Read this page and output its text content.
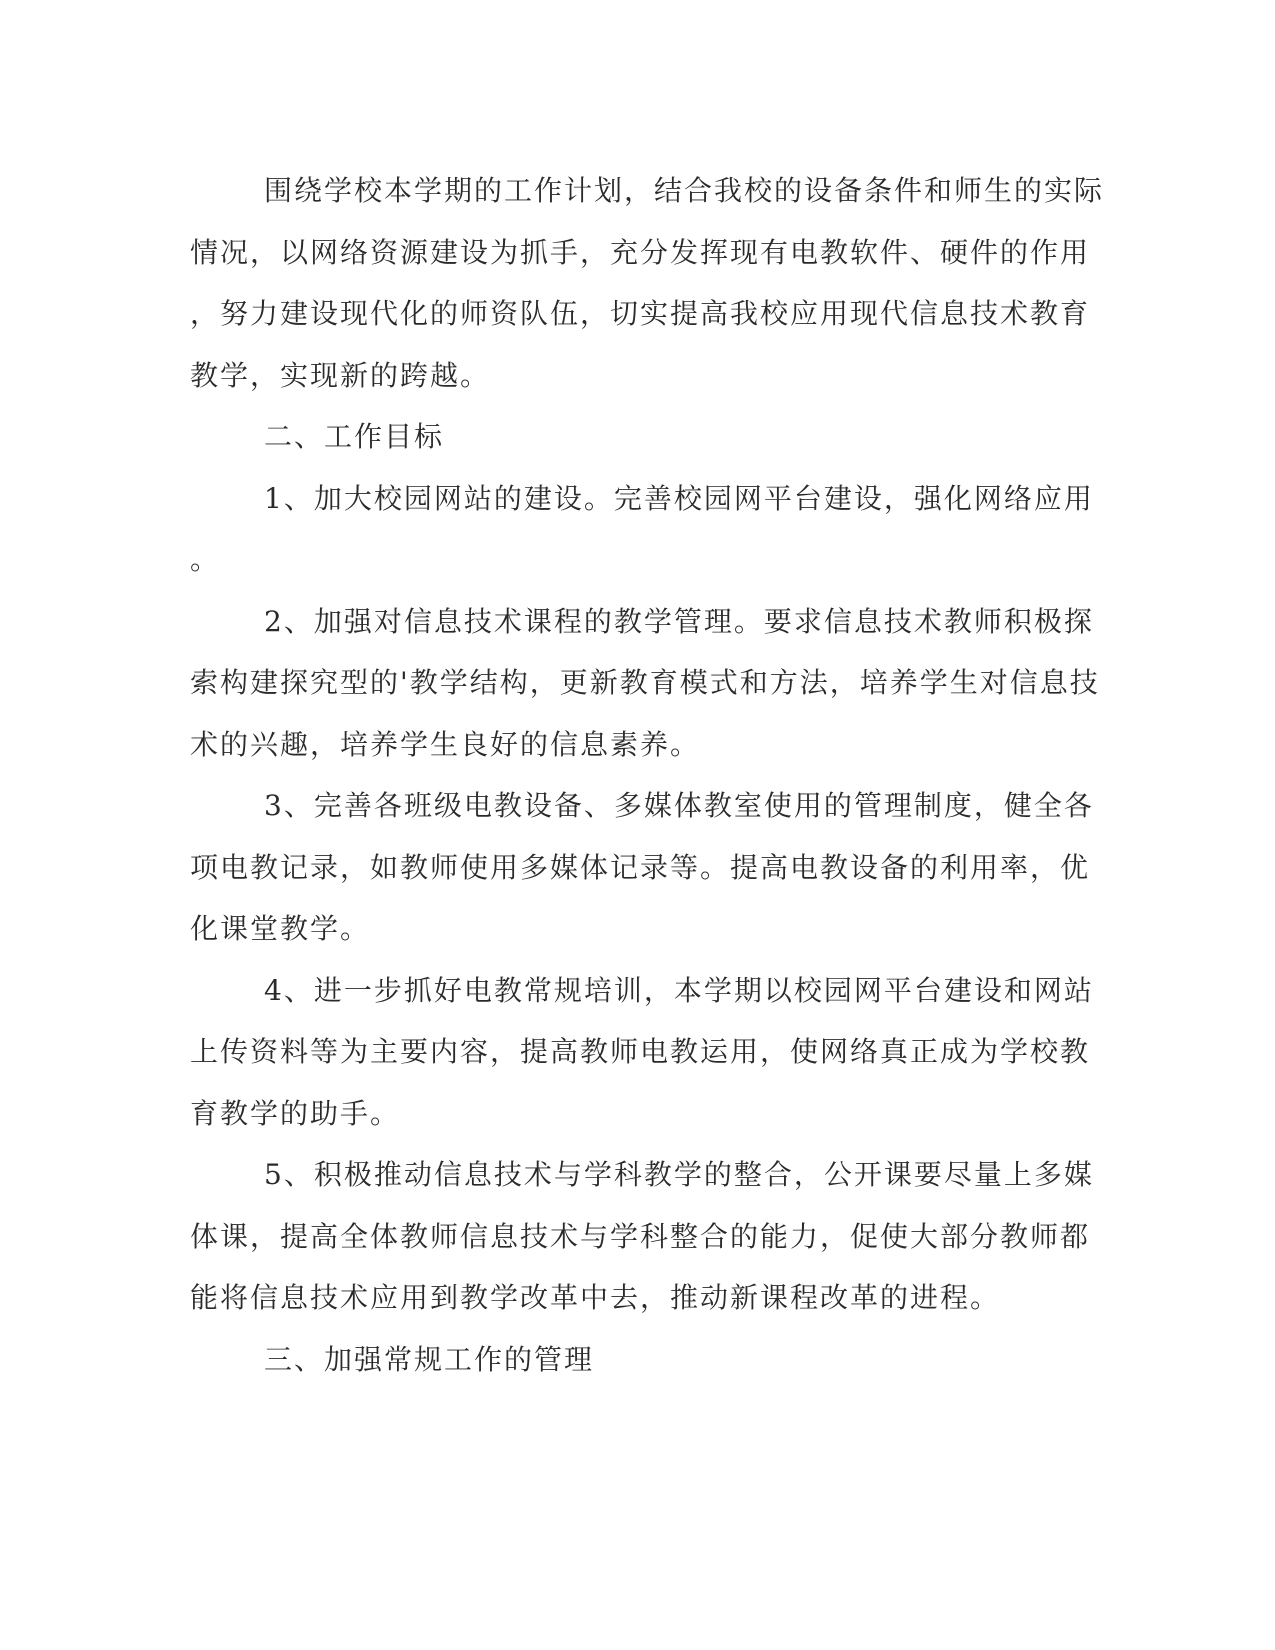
围绕学校本学期的工作计划，结合我校的设备条件和师生的实际
情况，以网络资源建设为抓手，充分发挥现有电教软件、硬件的作用
，努力建设现代化的师资队伍，切实提高我校应用现代信息技术教育
教学，实现新的跨越。

二、工作目标

1、加大校园网站的建设。完善校园网平台建设，强化网络应用
。

2、加强对信息技术课程的教学管理。要求信息技术教师积极探
索构建探究型的'教学结构，更新教育模式和方法，培养学生对信息技
术的兴趣，培养学生良好的信息素养。

3、完善各班级电教设备、多媒体教室使用的管理制度，健全各
项电教记录，如教师使用多媒体记录等。提高电教设备的利用率，优
化课堂教学。

4、进一步抓好电教常规培训，本学期以校园网平台建设和网站
上传资料等为主要内容，提高教师电教运用，使网络真正成为学校教
育教学的助手。

5、积极推动信息技术与学科教学的整合，公开课要尽量上多媒
体课，提高全体教师信息技术与学科整合的能力，促使大部分教师都
能将信息技术应用到教学改革中去，推动新课程改革的进程。

三、加强常规工作的管理
